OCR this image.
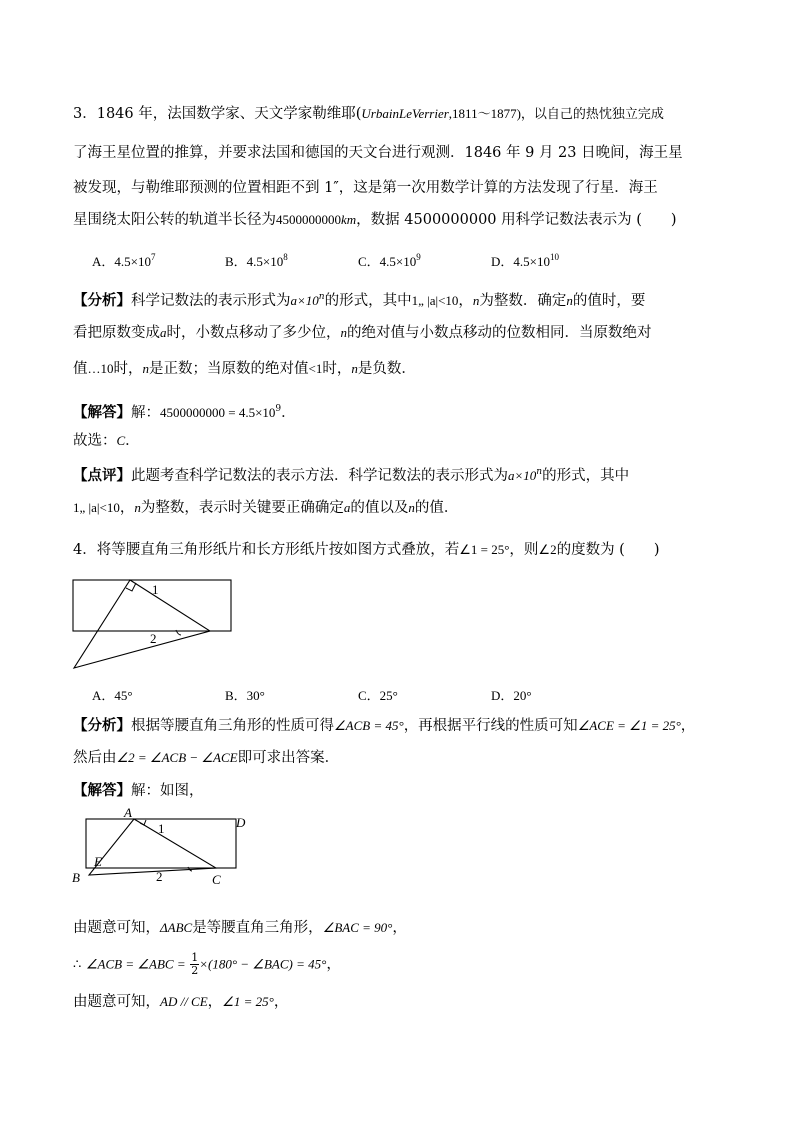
3．1846 年，法国数学家、天文学家勒维耶(UrbainLeVerrier,1811～1877)，以自己的热忱独立完成
了海王星位置的推算，并要求法国和德国的天文台进行观测．1846 年 9 月 23 日晚间，海王星
被发现，与勒维耶预测的位置相距不到 1″，这是第一次用数学计算的方法发现了行星．海王
星围绕太阳公转的轨道半长径为4500000000km，数据 4500000000 用科学记数法表示为 (　　)
A．$4.5\times 10^7$	B．$4.5\times 10^8$	C．$4.5\times 10^9$	D．$4.5\times 10^{10}$
【分析】科学记数法的表示形式为$a\times 10^n$的形式，其中1„ |a|<10，n为整数．确定n的值时，要
看把原数变成a时，小数点移动了多少位，n的绝对值与小数点移动的位数相同．当原数绝对
值…10时，n是正数；当原数的绝对值<1时，n是负数．
【解答】解：$4500000000 = 4.5\times 10^9$．
故选：C．
【点评】此题考查科学记数法的表示方法．科学记数法的表示形式为$a\times 10^n$的形式，其中
1„ |a|<10，n为整数，表示时关键要正确确定a的值以及n的值．
4．将等腰直角三角形纸片和长方形纸片按如图方式叠放，若∠1 = 25°，则∠2的度数为 (　　)
1
2
A．45°	B．30°	C．25°	D．20°
【分析】根据等腰直角三角形的性质可得∠ACB = 45°，再根据平行线的性质可知∠ACE = ∠1 = 25°，
然后由∠2 = ∠ACB − ∠ACE即可求出答案．
【解答】解：如图，
A
D
E
B	C
1
2
由题意可知，ΔABC是等腰直角三角形，∠BAC = 90°，
∴ ∠ACB = ∠ABC = $\frac{1}{2} \times(180^\circ$ − ∠BAC) = 45°，
由题意可知，AD // CE，∠1 = 25°，
